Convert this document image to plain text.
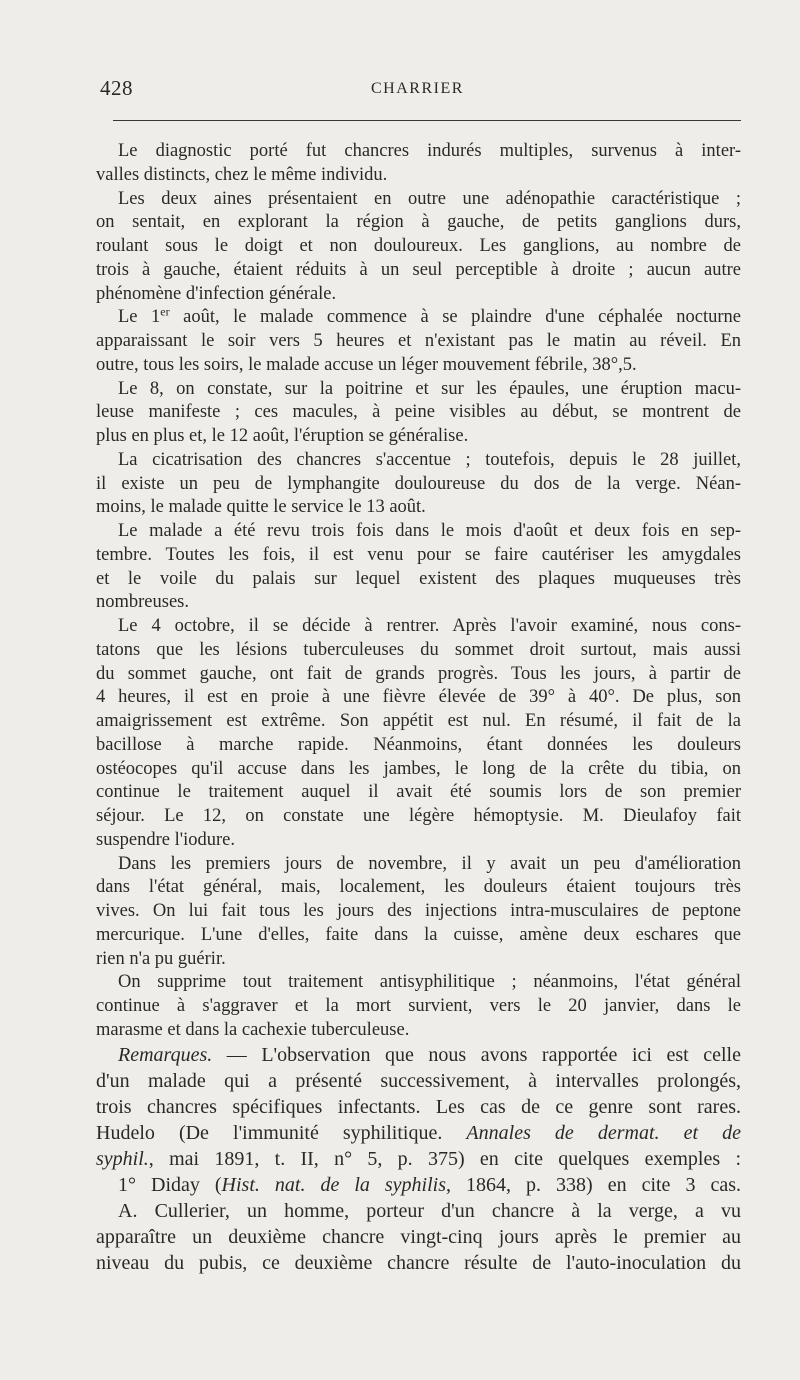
428	CHARRIER

Le diagnostic porté fut chancres indurés multiples, survenus à inter-

valles distincts, chez le même individu.

Les deux aines présentaient en outre une adénopathie caractéristique ;

on sentait, en explorant la région à gauche, de petits ganglions durs,

roulant sous le doigt et non douloureux. Les ganglions, au nombre de

trois à gauche, étaient réduits à un seul perceptible à droite ; aucun autre

phénomène d'infection générale.

Le 1er août, le malade commence à se plaindre d'une céphalée nocturne

apparaissant le soir vers 5 heures et n'existant pas le matin au réveil. En

outre, tous les soirs, le malade accuse un léger mouvement fébrile, 38°,5.

Le 8, on constate, sur la poitrine et sur les épaules, une éruption macu-

leuse manifeste ; ces macules, à peine visibles au début, se montrent de

plus en plus et, le 12 août, l'éruption se généralise.

La cicatrisation des chancres s'accentue ; toutefois, depuis le 28 juillet,

il existe un peu de lymphangite douloureuse du dos de la verge. Néan-

moins, le malade quitte le service le 13 août.

Le malade a été revu trois fois dans le mois d'août et deux fois en sep-

tembre. Toutes les fois, il est venu pour se faire cautériser les amygdales

et le voile du palais sur lequel existent des plaques muqueuses très

nombreuses.

Le 4 octobre, il se décide à rentrer. Après l'avoir examiné, nous cons-

tatons que les lésions tuberculeuses du sommet droit surtout, mais aussi

du sommet gauche, ont fait de grands progrès. Tous les jours, à partir de

4 heures, il est en proie à une fièvre élevée de 39° à 40°. De plus, son

amaigrissement est extrême. Son appétit est nul. En résumé, il fait de la

bacillose à marche rapide. Néanmoins, étant données les douleurs

ostéocopes qu'il accuse dans les jambes, le long de la crête du tibia, on

continue le traitement auquel il avait été soumis lors de son premier

séjour. Le 12, on constate une légère hémoptysie. M. Dieulafoy fait

suspendre l'iodure.

Dans les premiers jours de novembre, il y avait un peu d'amélioration

dans l'état général, mais, localement, les douleurs étaient toujours très

vives. On lui fait tous les jours des injections intra-musculaires de peptone

mercurique. L'une d'elles, faite dans la cuisse, amène deux eschares que

rien n'a pu guérir.

On supprime tout traitement antisyphilitique ; néanmoins, l'état général

continue à s'aggraver et la mort survient, vers le 20 janvier, dans le

marasme et dans la cachexie tuberculeuse.

Remarques. — L'observation que nous avons rapportée ici est celle

d'un malade qui a présenté successivement, à intervalles prolongés,

trois chancres spécifiques infectants. Les cas de ce genre sont rares.

Hudelo (De l'immunité syphilitique. Annales de dermat. et de

syphil., mai 1891, t. II, n° 5, p. 375) en cite quelques exemples :

1° Diday (Hist. nat. de la syphilis, 1864, p. 338) en cite 3 cas.

A. Cullerier, un homme, porteur d'un chancre à la verge, a vu

apparaître un deuxième chancre vingt-cinq jours après le premier au

niveau du pubis, ce deuxième chancre résulte de l'auto-inoculation du
